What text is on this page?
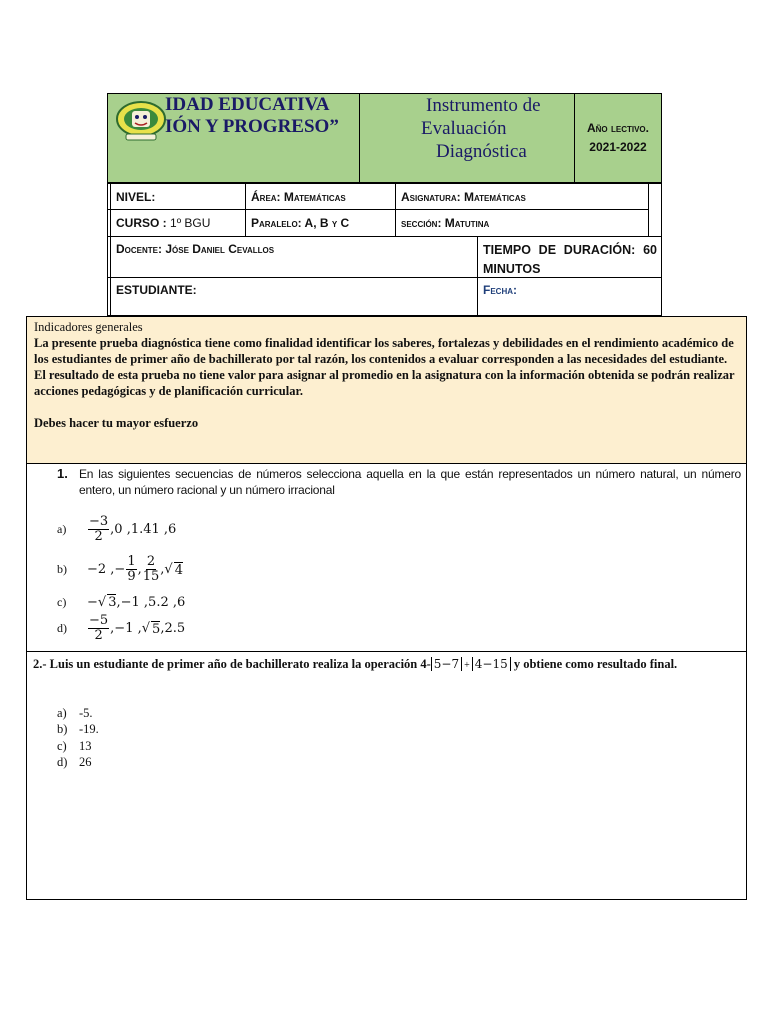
IDAD EDUCATIVA
IÓN Y PROGRESO”
Instrumento de
Evaluación
Diagnóstica
Año lectivo.
2021-2022
NIVEL:	Área: Matemáticas	Asignatura: Matemáticas
CURSO : 1º BGU	Paralelo: A, B y C	sección: Matutina
Docente: Jóse Daniel Cevallos	TIEMPO DE DURACIÓN: 60 MINUTOS
ESTUDIANTE:	Fecha:

Indicadores generales

La presente prueba diagnóstica tiene como finalidad identificar los saberes, fortalezas y debilidades en el rendimiento académico de los estudiantes de primer año de bachillerato por tal razón, los contenidos a evaluar corresponden a las necesidades del estudiante.

El resultado de esta prueba no tiene valor para asignar al promedio en la asignatura con la información obtenida se podrán realizar acciones pedagógicas y de planificación curricular.

Debes hacer tu mayor esfuerzo

1. En las siguientes secuencias de números selecciona aquella en la que están representados un número natural, un número entero, un número racional y un número irracional
a)	$\frac{-3}{2} ,0$ ,1.41 ,6
b)	−2 ,− $\frac{1}{9}$ , $\frac{2}{15}$ ,√ 4
c)	− √ 3 ,−1 ,5.2 ,6
d)	$\frac{-5}{2} ,-1$ , √ 5 ,2.5
2.- Luis un estudiante de primer año de bachillerato realiza la operación 4- 5−7 + 4−15 y obtiene como resultado final.
a) -5.
b) -19.
c) 13
d) 26
